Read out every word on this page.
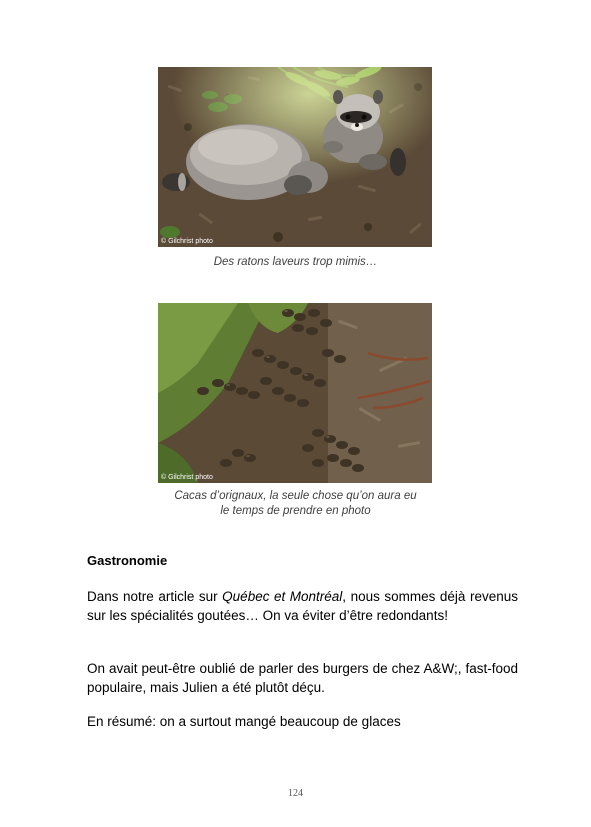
© Gilchrist photo
Des ratons laveurs trop mimis…
© Gilchrist photo
Cacas d’orignaux, la seule chose qu’on aura eu
le temps de prendre en photo
Gastronomie

Dans notre article sur Québec et Montréal, nous sommes déjà revenus sur les spécialités goutées… On va éviter d’être redondants!

On avait peut-être oublié de parler des burgers de chez A&W;, fast-food populaire, mais Julien a été plutôt déçu.

En résumé: on a surtout mangé beaucoup de glaces

124
